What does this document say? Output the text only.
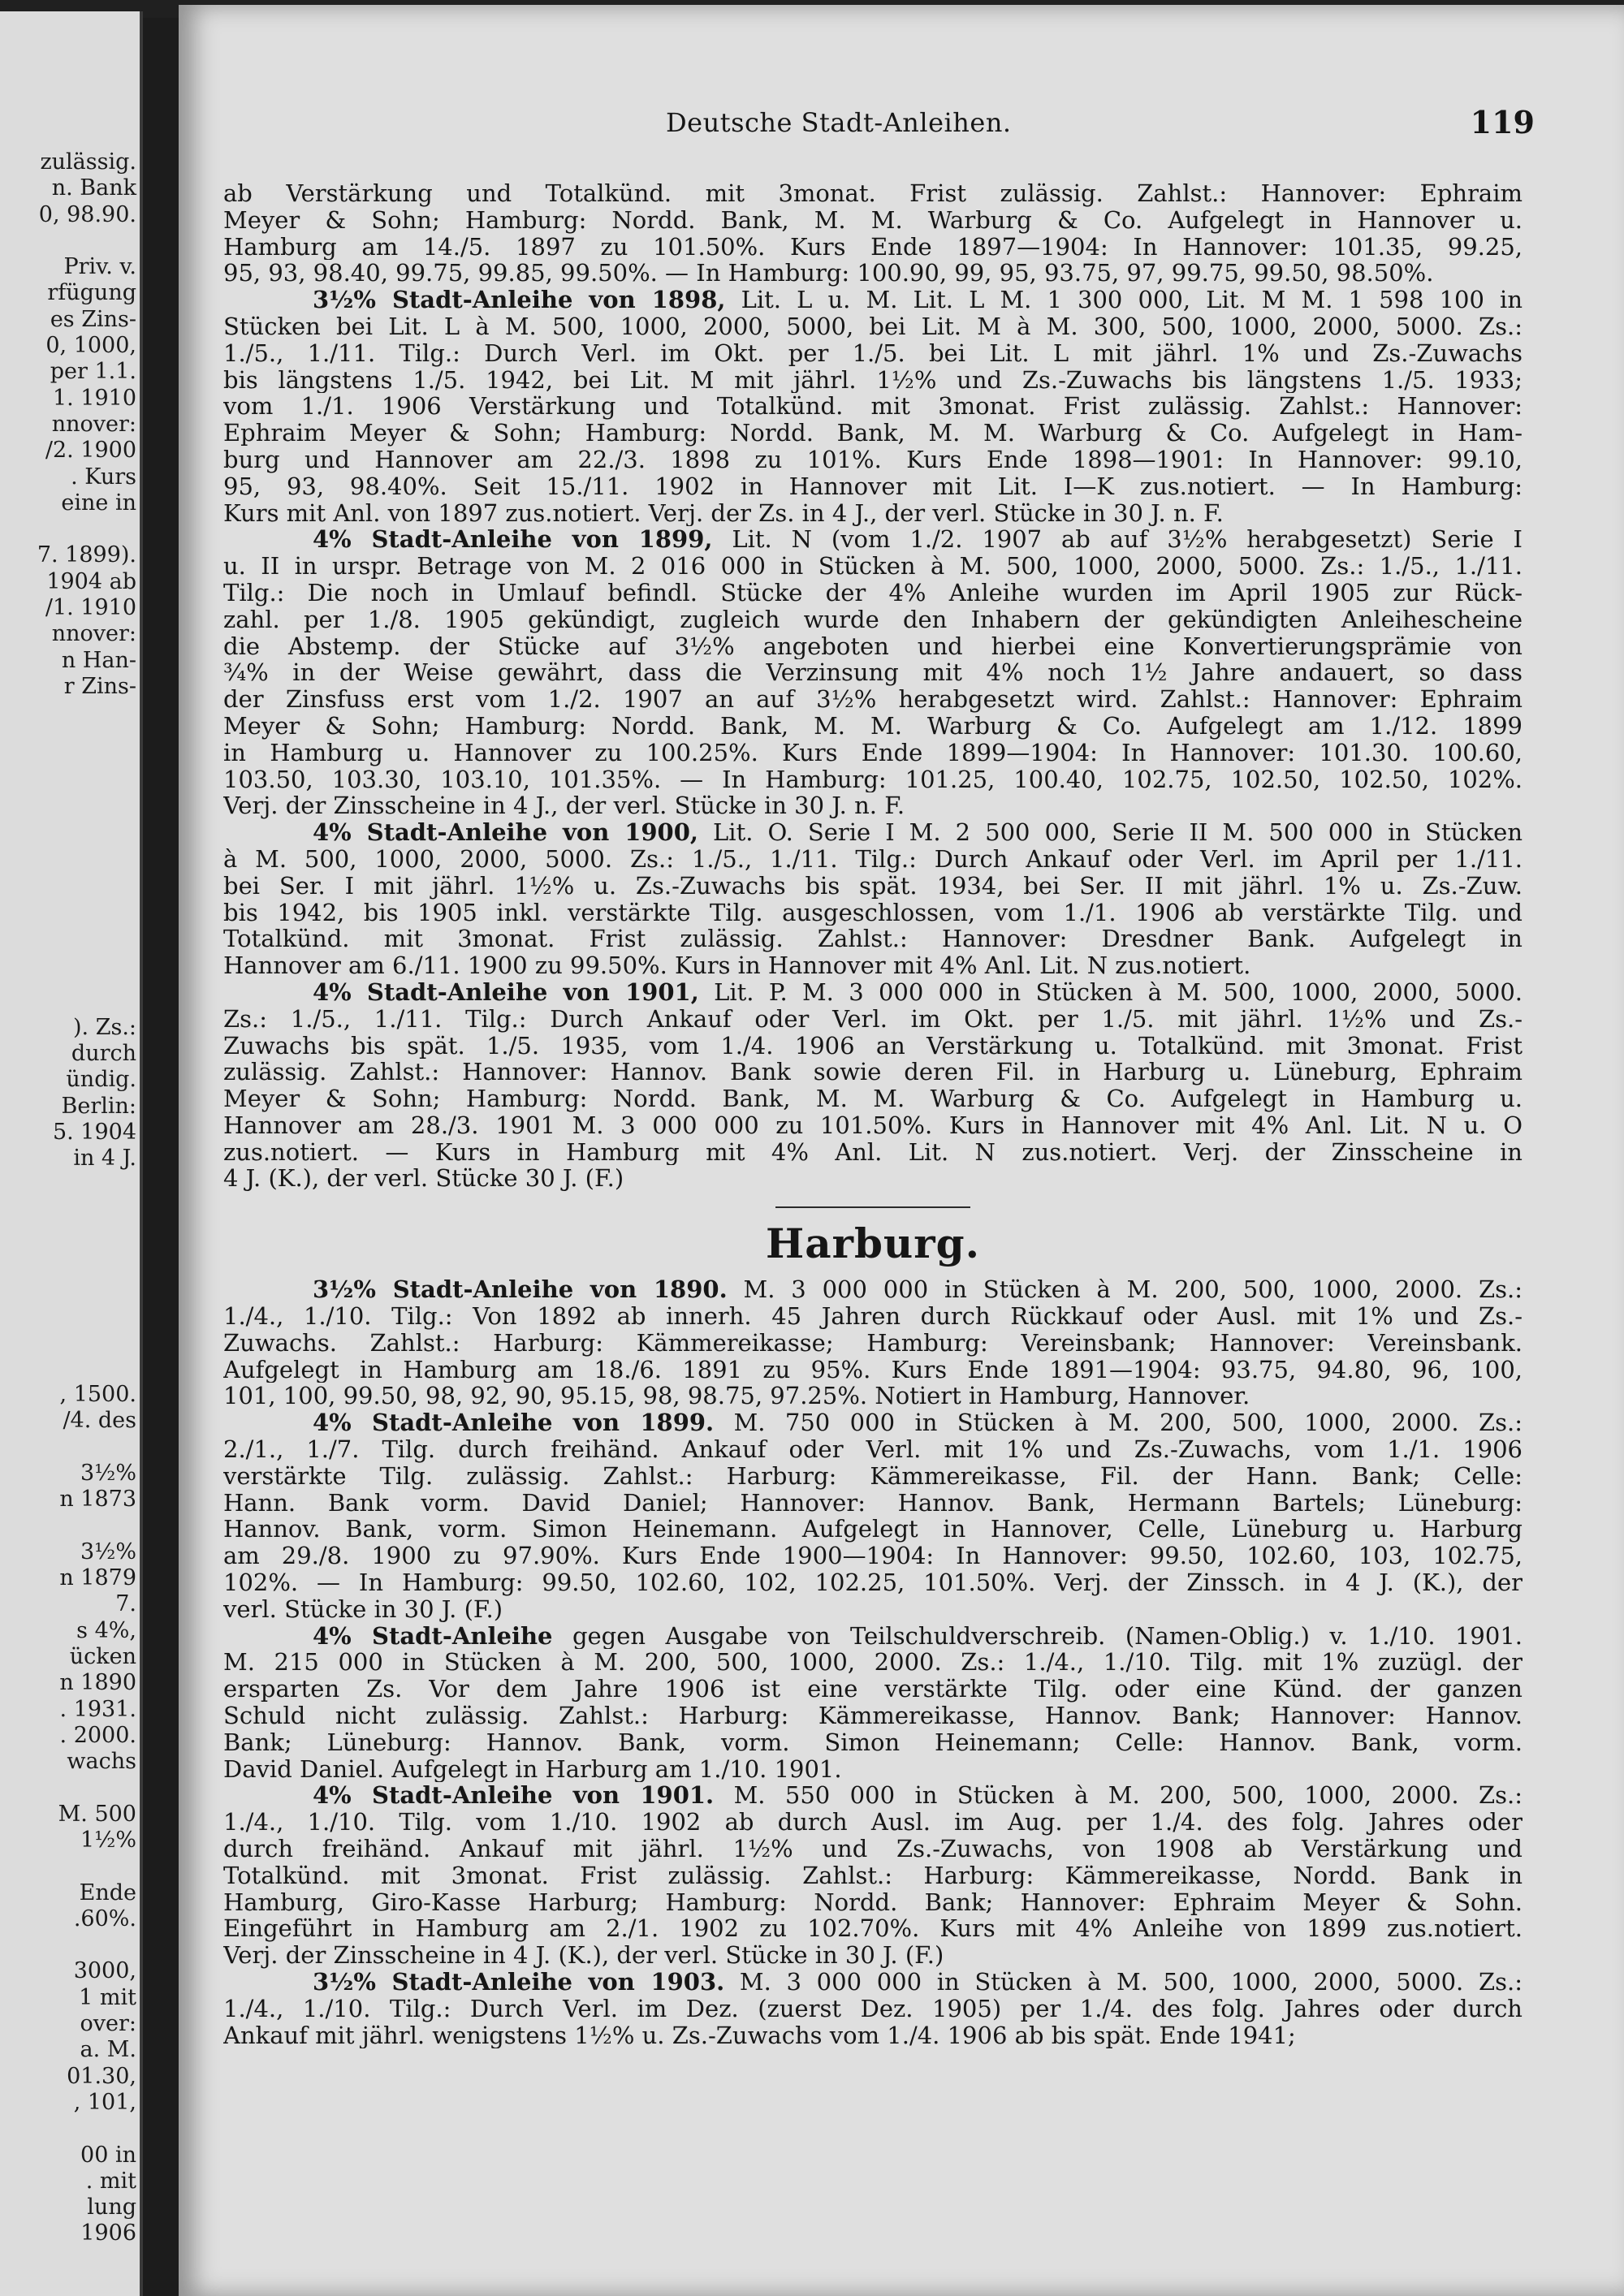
zulässig.
n. Bank
0, 98.90.
Priv. v.
rfügung
es Zins-
0, 1000,
per 1.1.
1. 1910
nnover:
/2. 1900
. Kurs
eine in
7. 1899).
1904 ab
/1. 1910
nnover:
n Han-
r Zins-
). Zs.:
durch
ündig.
Berlin:
5. 1904
in 4 J.
, 1500.
/4. des
3½%
n 1873
3½%
n 1879
7.
s 4%,
ücken
n 1890
. 1931.
. 2000.
wachs
M. 500
1½%
Ende
.60%.
3000,
1 mit
over:
a. M.
01.30,
, 101,
00 in
. mit
lung
1906
Deutsche Stadt-Anleihen.	119
ab Verstärkung und Totalkünd. mit 3monat. Frist zulässig. Zahlst.: Hannover: Ephraim
Meyer & Sohn; Hamburg: Nordd. Bank, M. M. Warburg & Co. Aufgelegt in Hannover u.
Hamburg am 14./5. 1897 zu 101.50%. Kurs Ende 1897—1904: In Hannover: 101.35, 99.25,
95, 93, 98.40, 99.75, 99.85, 99.50%. — In Hamburg: 100.90, 99, 95, 93.75, 97, 99.75, 99.50, 98.50%.
3½% Stadt-Anleihe von 1898, Lit. L u. M. Lit. L M. 1 300 000, Lit. M M. 1 598 100 in
Stücken bei Lit. L à M. 500, 1000, 2000, 5000, bei Lit. M à M. 300, 500, 1000, 2000, 5000. Zs.:
1./5., 1./11. Tilg.: Durch Verl. im Okt. per 1./5. bei Lit. L mit jährl. 1% und Zs.-Zuwachs
bis längstens 1./5. 1942, bei Lit. M mit jährl. 1½% und Zs.-Zuwachs bis längstens 1./5. 1933;
vom 1./1. 1906 Verstärkung und Totalkünd. mit 3monat. Frist zulässig. Zahlst.: Hannover:
Ephraim Meyer & Sohn; Hamburg: Nordd. Bank, M. M. Warburg & Co. Aufgelegt in Ham-
burg und Hannover am 22./3. 1898 zu 101%. Kurs Ende 1898—1901: In Hannover: 99.10,
95, 93, 98.40%. Seit 15./11. 1902 in Hannover mit Lit. I—K zus.notiert. — In Hamburg:
Kurs mit Anl. von 1897 zus.notiert. Verj. der Zs. in 4 J., der verl. Stücke in 30 J. n. F.
4% Stadt-Anleihe von 1899, Lit. N (vom 1./2. 1907 ab auf 3½% herabgesetzt) Serie I
u. II in urspr. Betrage von M. 2 016 000 in Stücken à M. 500, 1000, 2000, 5000. Zs.: 1./5., 1./11.
Tilg.: Die noch in Umlauf befindl. Stücke der 4% Anleihe wurden im April 1905 zur Rück-
zahl. per 1./8. 1905 gekündigt, zugleich wurde den Inhabern der gekündigten Anleihescheine
die Abstemp. der Stücke auf 3½% angeboten und hierbei eine Konvertierungsprämie von
¾% in der Weise gewährt, dass die Verzinsung mit 4% noch 1½ Jahre andauert, so dass
der Zinsfuss erst vom 1./2. 1907 an auf 3½% herabgesetzt wird. Zahlst.: Hannover: Ephraim
Meyer & Sohn; Hamburg: Nordd. Bank, M. M. Warburg & Co. Aufgelegt am 1./12. 1899
in Hamburg u. Hannover zu 100.25%. Kurs Ende 1899—1904: In Hannover: 101.30. 100.60,
103.50, 103.30, 103.10, 101.35%. — In Hamburg: 101.25, 100.40, 102.75, 102.50, 102.50, 102%.
Verj. der Zinsscheine in 4 J., der verl. Stücke in 30 J. n. F.
4% Stadt-Anleihe von 1900, Lit. O. Serie I M. 2 500 000, Serie II M. 500 000 in Stücken
à M. 500, 1000, 2000, 5000. Zs.: 1./5., 1./11. Tilg.: Durch Ankauf oder Verl. im April per 1./11.
bei Ser. I mit jährl. 1½% u. Zs.-Zuwachs bis spät. 1934, bei Ser. II mit jährl. 1% u. Zs.-Zuw.
bis 1942, bis 1905 inkl. verstärkte Tilg. ausgeschlossen, vom 1./1. 1906 ab verstärkte Tilg. und
Totalkünd. mit 3monat. Frist zulässig. Zahlst.: Hannover: Dresdner Bank. Aufgelegt in
Hannover am 6./11. 1900 zu 99.50%. Kurs in Hannover mit 4% Anl. Lit. N zus.notiert.
4% Stadt-Anleihe von 1901, Lit. P. M. 3 000 000 in Stücken à M. 500, 1000, 2000, 5000.
Zs.: 1./5., 1./11. Tilg.: Durch Ankauf oder Verl. im Okt. per 1./5. mit jährl. 1½% und Zs.-
Zuwachs bis spät. 1./5. 1935, vom 1./4. 1906 an Verstärkung u. Totalkünd. mit 3monat. Frist
zulässig. Zahlst.: Hannover: Hannov. Bank sowie deren Fil. in Harburg u. Lüneburg, Ephraim
Meyer & Sohn; Hamburg: Nordd. Bank, M. M. Warburg & Co. Aufgelegt in Hamburg u.
Hannover am 28./3. 1901 M. 3 000 000 zu 101.50%. Kurs in Hannover mit 4% Anl. Lit. N u. O
zus.notiert. — Kurs in Hamburg mit 4% Anl. Lit. N zus.notiert. Verj. der Zinsscheine in
4 J. (K.), der verl. Stücke 30 J. (F.)
Harburg.
3½% Stadt-Anleihe von 1890. M. 3 000 000 in Stücken à M. 200, 500, 1000, 2000. Zs.:
1./4., 1./10. Tilg.: Von 1892 ab innerh. 45 Jahren durch Rückkauf oder Ausl. mit 1% und Zs.-
Zuwachs. Zahlst.: Harburg: Kämmereikasse; Hamburg: Vereinsbank; Hannover: Vereinsbank.
Aufgelegt in Hamburg am 18./6. 1891 zu 95%. Kurs Ende 1891—1904: 93.75, 94.80, 96, 100,
101, 100, 99.50, 98, 92, 90, 95.15, 98, 98.75, 97.25%. Notiert in Hamburg, Hannover.
4% Stadt-Anleihe von 1899. M. 750 000 in Stücken à M. 200, 500, 1000, 2000. Zs.:
2./1., 1./7. Tilg. durch freihänd. Ankauf oder Verl. mit 1% und Zs.-Zuwachs, vom 1./1. 1906
verstärkte Tilg. zulässig. Zahlst.: Harburg: Kämmereikasse, Fil. der Hann. Bank; Celle:
Hann. Bank vorm. David Daniel; Hannover: Hannov. Bank, Hermann Bartels; Lüneburg:
Hannov. Bank, vorm. Simon Heinemann. Aufgelegt in Hannover, Celle, Lüneburg u. Harburg
am 29./8. 1900 zu 97.90%. Kurs Ende 1900—1904: In Hannover: 99.50, 102.60, 103, 102.75,
102%. — In Hamburg: 99.50, 102.60, 102, 102.25, 101.50%. Verj. der Zinssch. in 4 J. (K.), der
verl. Stücke in 30 J. (F.)
4% Stadt-Anleihe gegen Ausgabe von Teilschuldverschreib. (Namen-Oblig.) v. 1./10. 1901.
M. 215 000 in Stücken à M. 200, 500, 1000, 2000. Zs.: 1./4., 1./10. Tilg. mit 1% zuzügl. der
ersparten Zs. Vor dem Jahre 1906 ist eine verstärkte Tilg. oder eine Künd. der ganzen
Schuld nicht zulässig. Zahlst.: Harburg: Kämmereikasse, Hannov. Bank; Hannover: Hannov.
Bank; Lüneburg: Hannov. Bank, vorm. Simon Heinemann; Celle: Hannov. Bank, vorm.
David Daniel. Aufgelegt in Harburg am 1./10. 1901.
4% Stadt-Anleihe von 1901. M. 550 000 in Stücken à M. 200, 500, 1000, 2000. Zs.:
1./4., 1./10. Tilg. vom 1./10. 1902 ab durch Ausl. im Aug. per 1./4. des folg. Jahres oder
durch freihänd. Ankauf mit jährl. 1½% und Zs.-Zuwachs, von 1908 ab Verstärkung und
Totalkünd. mit 3monat. Frist zulässig. Zahlst.: Harburg: Kämmereikasse, Nordd. Bank in
Hamburg, Giro-Kasse Harburg; Hamburg: Nordd. Bank; Hannover: Ephraim Meyer & Sohn.
Eingeführt in Hamburg am 2./1. 1902 zu 102.70%. Kurs mit 4% Anleihe von 1899 zus.notiert.
Verj. der Zinsscheine in 4 J. (K.), der verl. Stücke in 30 J. (F.)
3½% Stadt-Anleihe von 1903. M. 3 000 000 in Stücken à M. 500, 1000, 2000, 5000. Zs.:
1./4., 1./10. Tilg.: Durch Verl. im Dez. (zuerst Dez. 1905) per 1./4. des folg. Jahres oder durch
Ankauf mit jährl. wenigstens 1½% u. Zs.-Zuwachs vom 1./4. 1906 ab bis spät. Ende 1941;
